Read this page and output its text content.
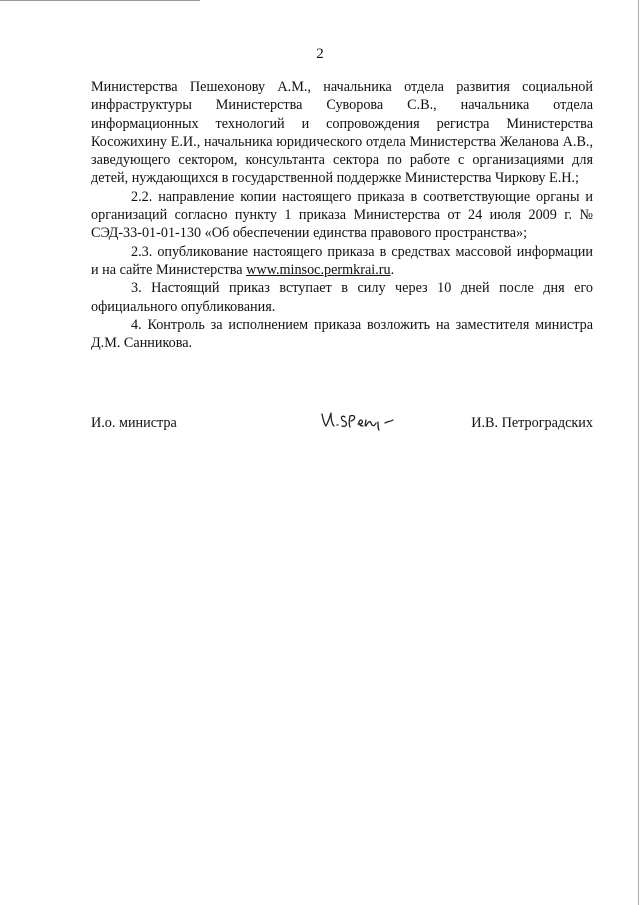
2

Министерства Пешехонову А.М., начальника отдела развития социальной инфраструктуры Министерства Суворова С.В., начальника отдела информационных технологий и сопровождения регистра Министерства Косожихину Е.И., начальника юридического отдела Министерства Желанова А.В., заведующего сектором, консультанта сектора по работе с организациями для детей, нуждающихся в государственной поддержке Министерства Чиркову Е.Н.;

2.2. направление копии настоящего приказа в соответствующие органы и организаций согласно пункту 1 приказа Министерства от 24 июля 2009 г. № СЭД-33-01-01-130 «Об обеспечении единства правового пространства»;

2.3. опубликование настоящего приказа в средствах массовой информации и на сайте Министерства www.minsoc.permkrai.ru.

3. Настоящий приказ вступает в силу через 10 дней после дня его официального опубликования.

4. Контроль за исполнением приказа возложить на заместителя министра Д.М. Санникова.

И.о. министра	И.В. Петроградских
